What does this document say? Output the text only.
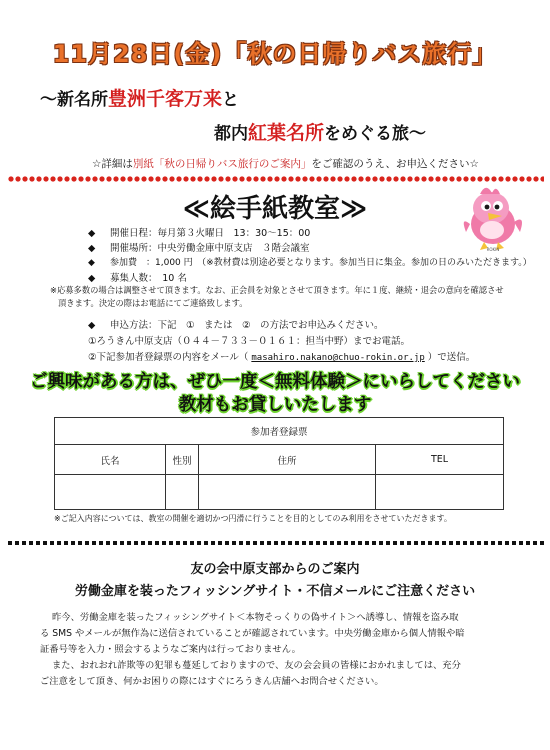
11月28日(金)「秋の日帰りバス旅行」
～新名所豊洲千客万来と
都内紅葉名所をめぐる旅～
☆詳細は別紙「秋の日帰りバス旅行のご案内」をご確認のうえ、お申込ください☆
≪絵手紙教室≫
ROKIN
◆ 開催日程：毎月第３火曜日　13：30～15：00
◆ 開催場所：中央労働金庫中原支店　３階会議室
◆ 参加費　：1,000 円　（※教材費は別途必要となります。参加当日に集金。参加の日のみいただきます。）
◆ 募集人数：　10 名
※応募多数の場合は調整させて頂きます。なお、正会員を対象とさせて頂きます。年に１度、継続・退会の意向を確認させ
頂きます。決定の際はお電話にてご連絡致します。
◆ 申込方法：下記　①　または　②　の方法でお申込みください。
①ろうきん中原支店（０４４－７３３－０１６１：担当中野）までお電話。
②下記参加者登録票の内容をメール（ masahiro.nakano@chuo-rokin.or.jp ）で送信。
ご興味がある方は、ぜひ一度＜無料体験＞にいらしてください
教材もお貸しいたします
参加者登録票			
氏名	性別	住所	TEL

※ご記入内容については、教室の開催を適切かつ円滑に行うことを目的としてのみ利用をさせていただきます。
友の会中原支部からのご案内
労働金庫を装ったフィッシングサイト・不信メールにご注意ください
昨今、労働金庫を装ったフィッシングサイト＜本物そっくりの偽サイト＞へ誘導し、情報を盗み取
る SMS やメールが無作為に送信されていることが確認されています。中央労働金庫から個人情報や暗
証番号等を入力・照会するようなご案内は行っておりません。
また、おれおれ詐欺等の犯罪も蔓延しておりますので、友の会会員の皆様におかれましては、充分
ご注意をして頂き、何かお困りの際にはすぐにろうきん店舗へお問合せください。
